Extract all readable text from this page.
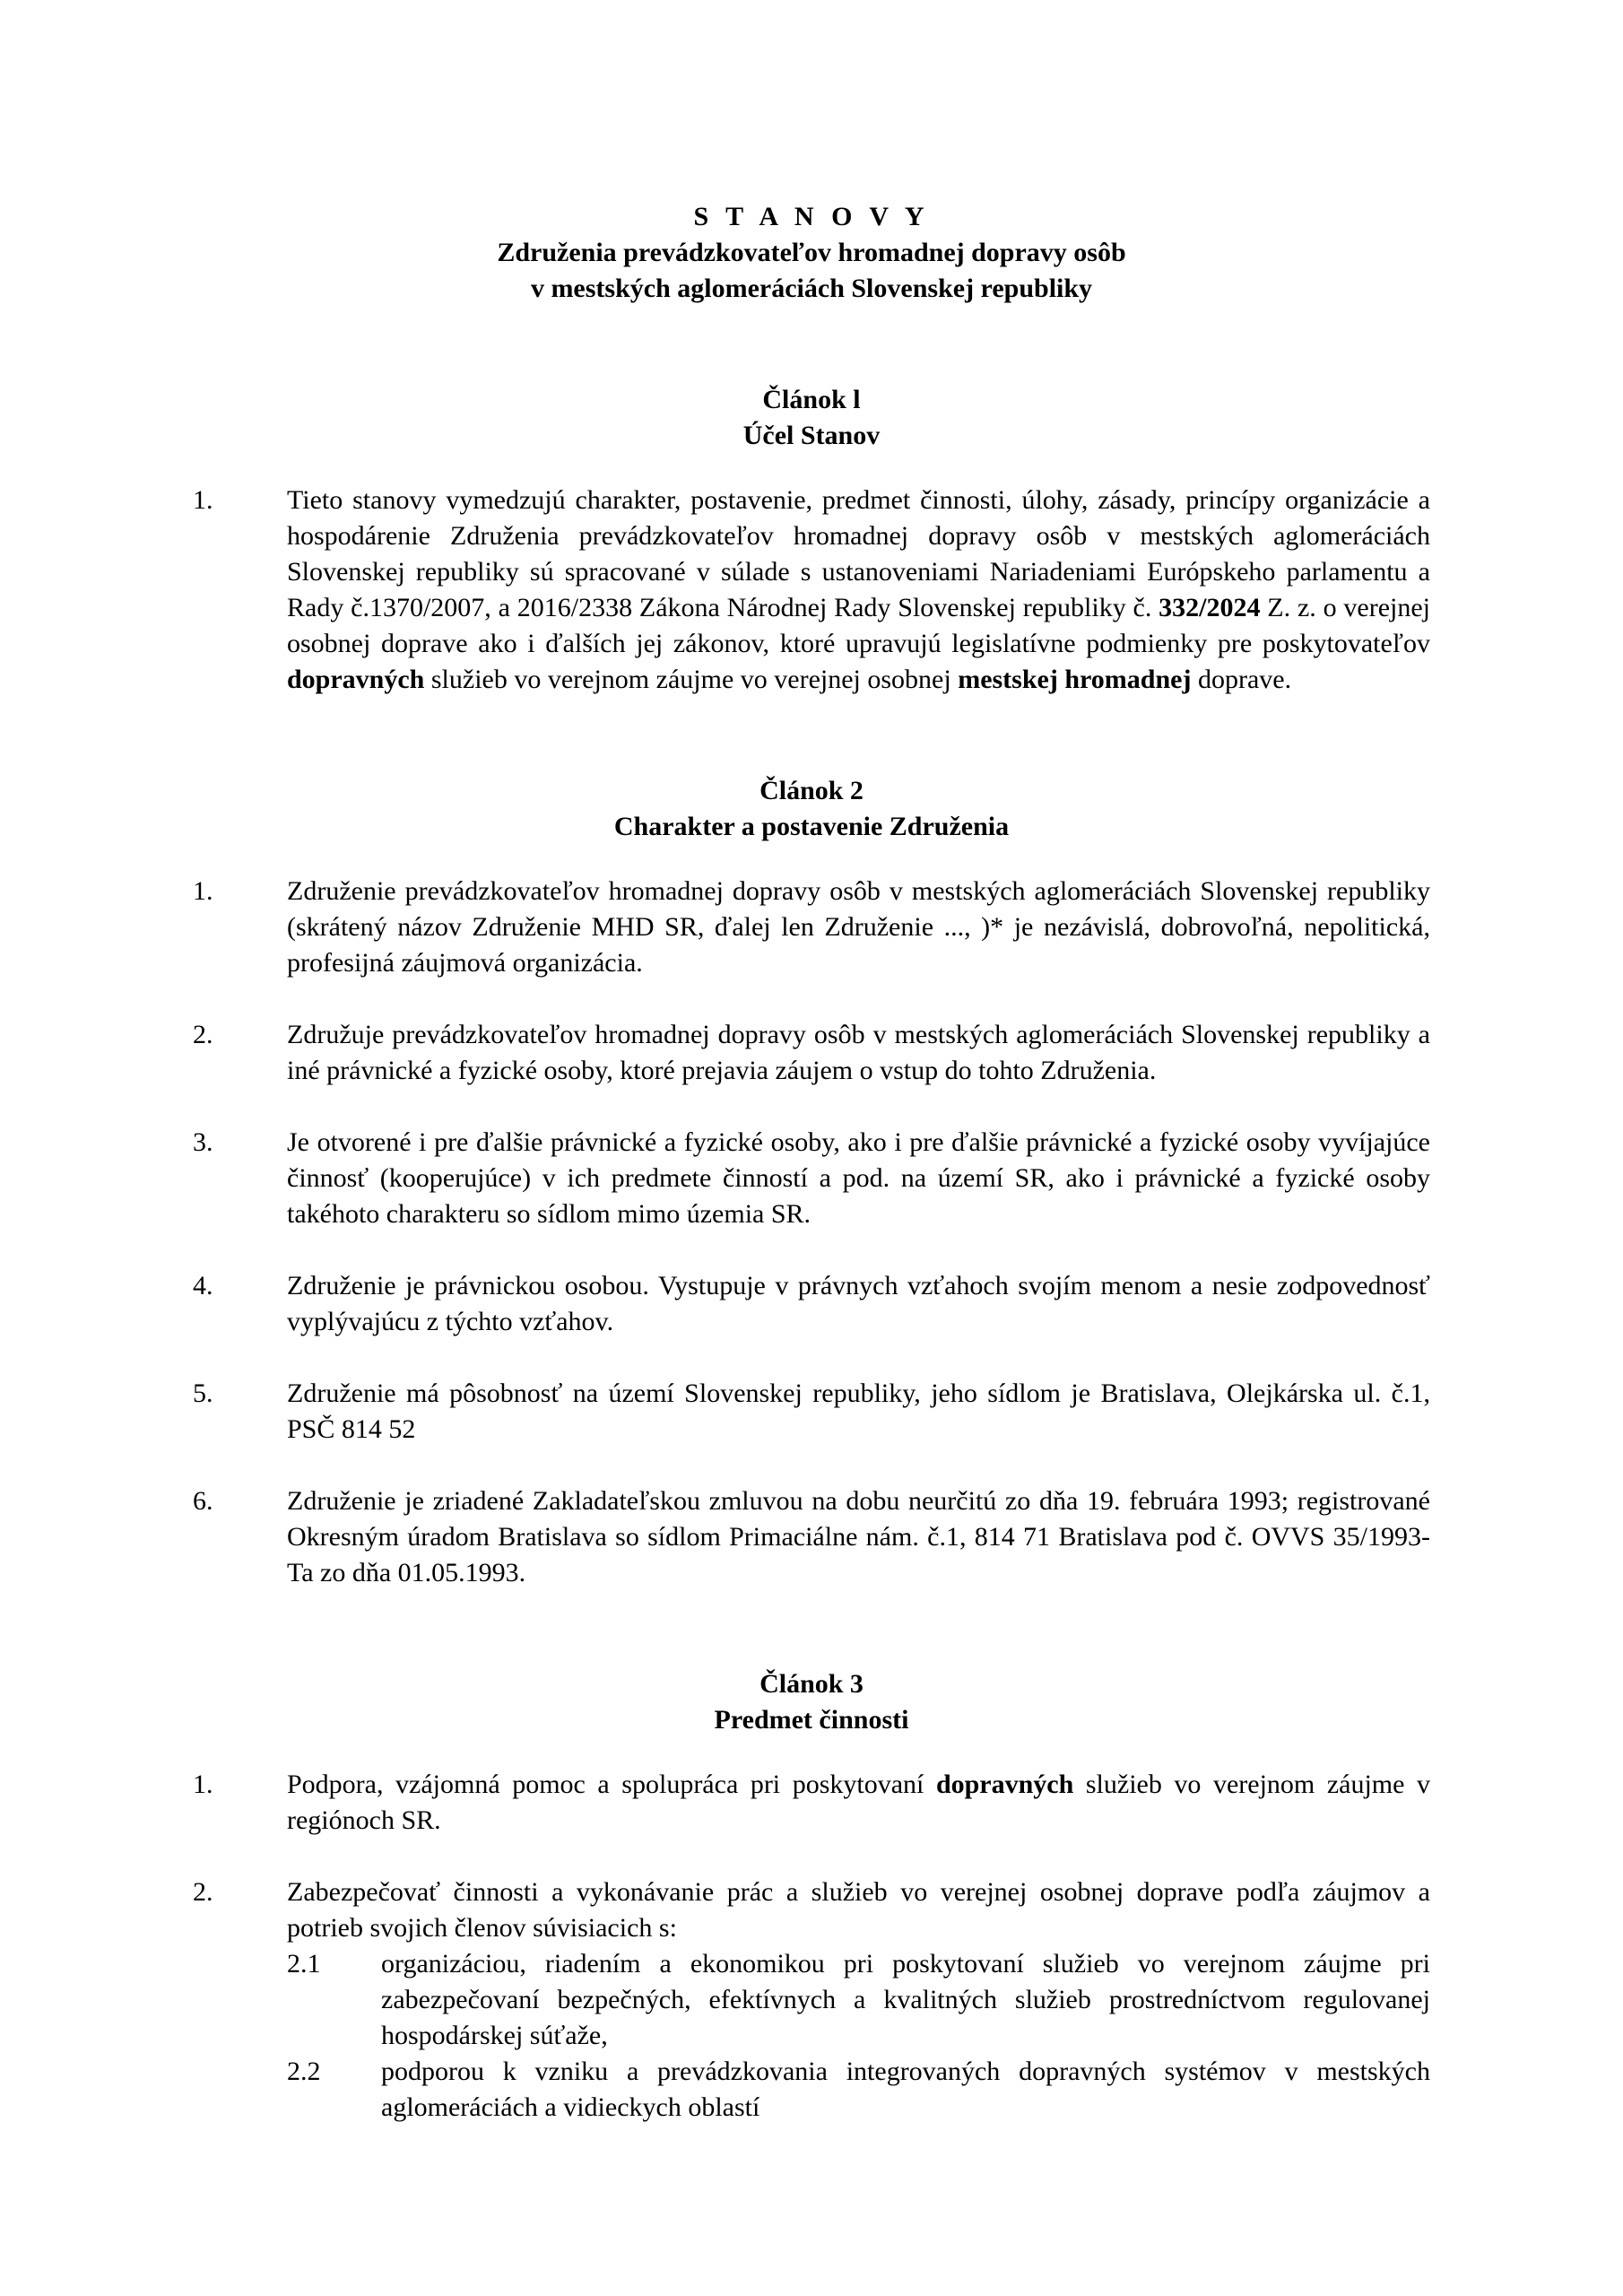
S T A N O V Y
Združenia prevádzkovateľov hromadnej dopravy osôb
v mestských aglomeráciách Slovenskej republiky
Článok l
Účel Stanov
1.	Tieto stanovy vymedzujú charakter, postavenie, predmet činnosti, úlohy, zásady, princípy organizácie a hospodárenie Združenia prevádzkovateľov hromadnej dopravy osôb v mestských aglomeráciách Slovenskej republiky sú spracované v súlade s ustanoveniami Nariadeniami Európskeho parlamentu a Rady č.1370/2007, a 2016/2338 Zákona Národnej Rady Slovenskej republiky č. 332/2024 Z. z. o verejnej osobnej doprave ako i ďalších jej zákonov, ktoré upravujú legislatívne podmienky pre poskytovateľov dopravných služieb vo verejnom záujme vo verejnej osobnej mestskej hromadnej doprave.
Článok 2
Charakter a postavenie Združenia
1.	Združenie prevádzkovateľov hromadnej dopravy osôb v mestských aglomeráciách Slovenskej republiky (skrátený názov Združenie MHD SR, ďalej len Združenie ..., )* je nezávislá, dobrovoľná, nepolitická, profesijná záujmová organizácia.
2.	Združuje prevádzkovateľov hromadnej dopravy osôb v mestských aglomeráciách Slovenskej republiky a iné právnické a fyzické osoby, ktoré prejavia záujem o vstup do tohto Združenia.
3.	Je otvorené i pre ďalšie právnické a fyzické osoby, ako i pre ďalšie právnické a fyzické osoby vyvíjajúce činnosť (kooperujúce) v ich predmete činností a pod. na území SR, ako i právnické a fyzické osoby takéhoto charakteru so sídlom mimo územia SR.
4.	Združenie je právnickou osobou. Vystupuje v právnych vzťahoch svojím menom a nesie zodpovednosť vyplývajúcu z týchto vzťahov.
5.	Združenie má pôsobnosť na území Slovenskej republiky, jeho sídlom je Bratislava, Olejkárska ul. č.1, PSČ 814 52
6.	Združenie je zriadené Zakladateľskou zmluvou na dobu neurčitú zo dňa 19. februára 1993; registrované Okresným úradom Bratislava so sídlom Primaciálne nám. č.1, 814 71 Bratislava pod č. OVVS 35/1993-Ta zo dňa 01.05.1993.
Článok 3
Predmet činnosti
1.	Podpora, vzájomná pomoc a spolupráca pri poskytovaní dopravných služieb vo verejnom záujme v regiónoch SR.
2.	Zabezpečovať činnosti a vykonávanie prác a služieb vo verejnej osobnej doprave podľa záujmov a potrieb svojich členov súvisiacich s:
2.1	organizáciou, riadením a ekonomikou pri poskytovaní služieb vo verejnom záujme pri zabezpečovaní bezpečných, efektívnych a kvalitných služieb prostredníctvom regulovanej hospodárskej súťaže,
2.2	podporou k vzniku a prevádzkovania integrovaných dopravných systémov v mestských aglomeráciách a vidieckych oblastí
